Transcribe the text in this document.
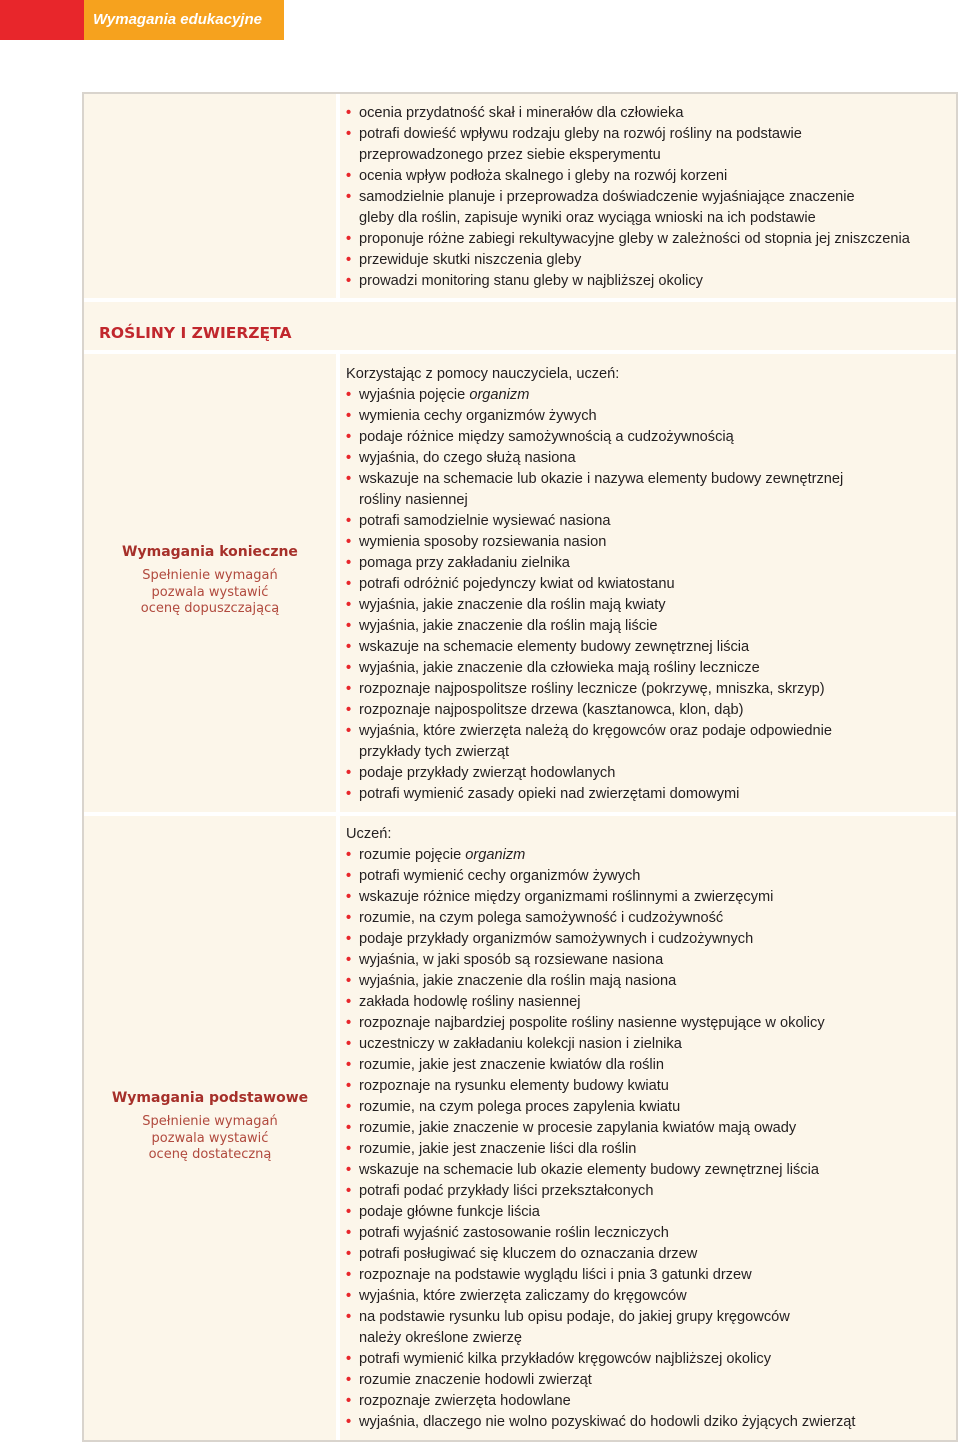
Wymagania edukacyjne
• ocenia przydatność skał i minerałów dla człowieka
• potrafi dowieść wpływu rodzaju gleby na rozwój rośliny na podstawie
przeprowadzonego przez siebie eksperymentu
• ocenia wpływ podłoża skalnego i gleby na rozwój korzeni
• samodzielnie planuje i przeprowadza doświadczenie wyjaśniające znaczenie
gleby dla roślin, zapisuje wyniki oraz wyciąga wnioski na ich podstawie
• proponuje różne zabiegi rekultywacyjne gleby w zależności od stopnia jej zniszczenia
• przewiduje skutki niszczenia gleby
• prowadzi monitoring stanu gleby w najbliższej okolicy
ROŚLINY I ZWIERZĘTA
Wymagania konieczne
Spełnienie wymagań
pozwala wystawić
ocenę dopuszczającą
Korzystając z pomocy nauczyciela, uczeń:
• wyjaśnia pojęcie organizm
• wymienia cechy organizmów żywych
• podaje różnice między samożywnością a cudzożywnością
• wyjaśnia, do czego służą nasiona
• wskazuje na schemacie lub okazie i nazywa elementy budowy zewnętrznej
rośliny nasiennej
• potrafi samodzielnie wysiewać nasiona
• wymienia sposoby rozsiewania nasion
• pomaga przy zakładaniu zielnika
• potrafi odróżnić pojedynczy kwiat od kwiatostanu
• wyjaśnia, jakie znaczenie dla roślin mają kwiaty
• wyjaśnia, jakie znaczenie dla roślin mają liście
• wskazuje na schemacie elementy budowy zewnętrznej liścia
• wyjaśnia, jakie znaczenie dla człowieka mają rośliny lecznicze
• rozpoznaje najpospolitsze rośliny lecznicze (pokrzywę, mniszka, skrzyp)
• rozpoznaje najpospolitsze drzewa (kasztanowca, klon, dąb)
• wyjaśnia, które zwierzęta należą do kręgowców oraz podaje odpowiednie
przykłady tych zwierząt
• podaje przykłady zwierząt hodowlanych
• potrafi wymienić zasady opieki nad zwierzętami domowymi
Wymagania podstawowe
Spełnienie wymagań
pozwala wystawić
ocenę dostateczną
Uczeń:
• rozumie pojęcie organizm
• potrafi wymienić cechy organizmów żywych
• wskazuje różnice między organizmami roślinnymi a zwierzęcymi
• rozumie, na czym polega samożywność i cudzożywność
• podaje przykłady organizmów samożywnych i cudzożywnych
• wyjaśnia, w jaki sposób są rozsiewane nasiona
• wyjaśnia, jakie znaczenie dla roślin mają nasiona
• zakłada hodowlę rośliny nasiennej
• rozpoznaje najbardziej pospolite rośliny nasienne występujące w okolicy
• uczestniczy w zakładaniu kolekcji nasion i zielnika
• rozumie, jakie jest znaczenie kwiatów dla roślin
• rozpoznaje na rysunku elementy budowy kwiatu
• rozumie, na czym polega proces zapylenia kwiatu
• rozumie, jakie znaczenie w procesie zapylania kwiatów mają owady
• rozumie, jakie jest znaczenie liści dla roślin
• wskazuje na schemacie lub okazie elementy budowy zewnętrznej liścia
• potrafi podać przykłady liści przekształconych
• podaje główne funkcje liścia
• potrafi wyjaśnić zastosowanie roślin leczniczych
• potrafi posługiwać się kluczem do oznaczania drzew
• rozpoznaje na podstawie wyglądu liści i pnia 3 gatunki drzew
• wyjaśnia, które zwierzęta zaliczamy do kręgowców
• na podstawie rysunku lub opisu podaje, do jakiej grupy kręgowców
należy określone zwierzę
• potrafi wymienić kilka przykładów kręgowców najbliższej okolicy
• rozumie znaczenie hodowli zwierząt
• rozpoznaje zwierzęta hodowlane
• wyjaśnia, dlaczego nie wolno pozyskiwać do hodowli dziko żyjących zwierząt
